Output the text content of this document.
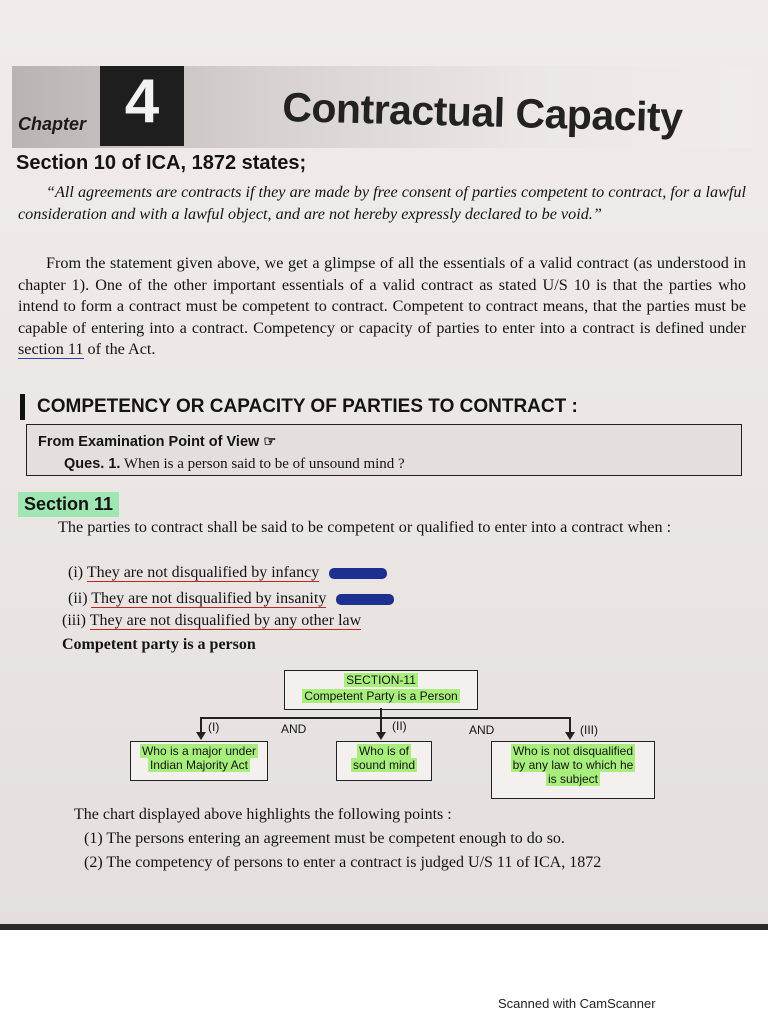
Chapter 4	Contractual Capacity
Section 10 of ICA, 1872 states;
“All agreements are contracts if they are made by free consent of parties competent to contract, for a lawful consideration and with a lawful object, and are not hereby expressly declared to be void.”
From the statement given above, we get a glimpse of all the essentials of a valid contract (as understood in chapter 1). One of the other important essentials of a valid contract as stated U/S 10 is that the parties who intend to form a contract must be competent to contract. Competent to contract means, that the parties must be capable of entering into a contract. Competency or capacity of parties to enter into a contract is defined under section 11 of the Act.
COMPETENCY OR CAPACITY OF PARTIES TO CONTRACT :
From Examination Point of View ☞
Ques. 1. When is a person said to be of unsound mind ?
Section 11
The parties to contract shall be said to be competent or qualified to enter into a contract when :
(i) They are not disqualified by infancy
(ii) They are not disqualified by insanity
(iii) They are not disqualified by any other law
Competent party is a person
SECTION-11
Competent Party is a Person
(I)	AND	(II)	AND	(III)
Who is a major under
Indian Majority Act
Who is of
sound mind
Who is not disqualified
by any law to which he
is subject
The chart displayed above highlights the following points :
(1) The persons entering an agreement must be competent enough to do so.
(2) The competency of persons to enter a contract is judged U/S 11 of ICA, 1872
Scanned with CamScanner
